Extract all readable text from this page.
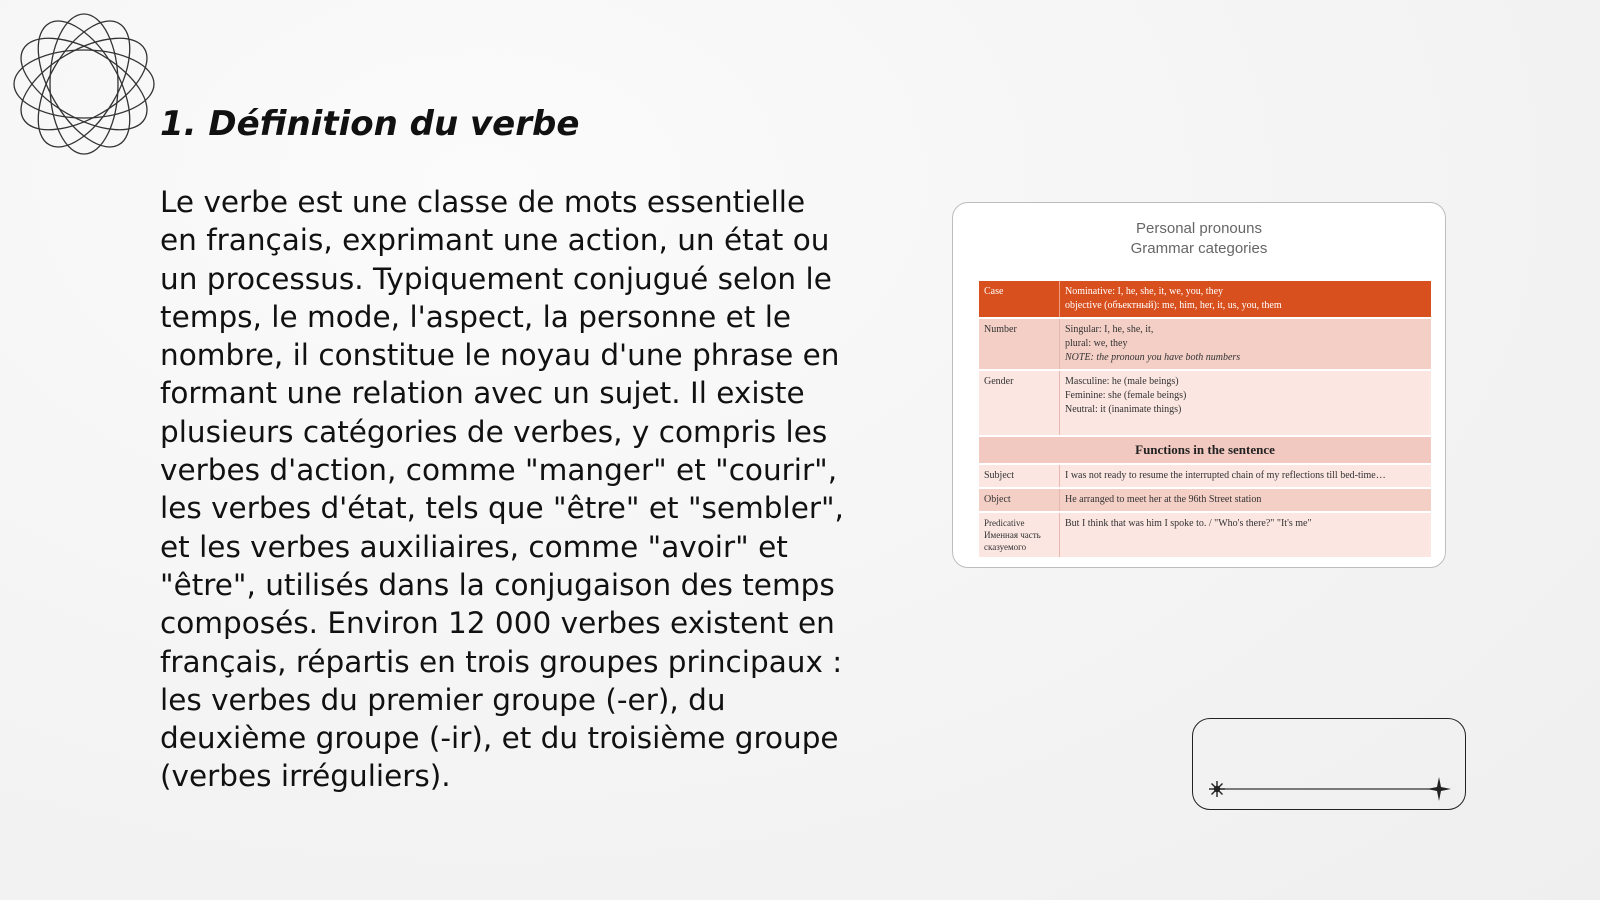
1. Définition du verbe

Le verbe est une classe de mots essentielle en français, exprimant une action, un état ou un processus. Typiquement conjugué selon le temps, le mode, l'aspect, la personne et le nombre, il constitue le noyau d'une phrase en formant une relation avec un sujet. Il existe plusieurs catégories de verbes, y compris les verbes d'action, comme "manger" et "courir", les verbes d'état, tels que "être" et "sembler", et les verbes auxiliaires, comme "avoir" et "être", utilisés dans la conjugaison des temps composés. Environ 12 000 verbes existent en français, répartis en trois groupes principaux : les verbes du premier groupe (-er), du deuxième groupe (-ir), et du troisième groupe (verbes irréguliers).

Personal pronouns
Grammar categories
Case	Nominative: I, he, she, it, we, you, they
objective (объектный): me, him, her, it, us, you, them

Number	Singular: I, he, she, it,
plural: we, they
NOTE: the pronoun you have both numbers

Gender	Masculine: he (male beings)
Feminine: she (female beings)
Neutral: it (inanimate things)

Functions in the sentence	
Subject	I was not ready to resume the interrupted chain of my reflections till bed-time…
Object	He arranged to meet her at the 96th Street station

Predicative
Именная часть
сказуемого	But I think that was him I spoke to. / "Who's there?" "It's me"
